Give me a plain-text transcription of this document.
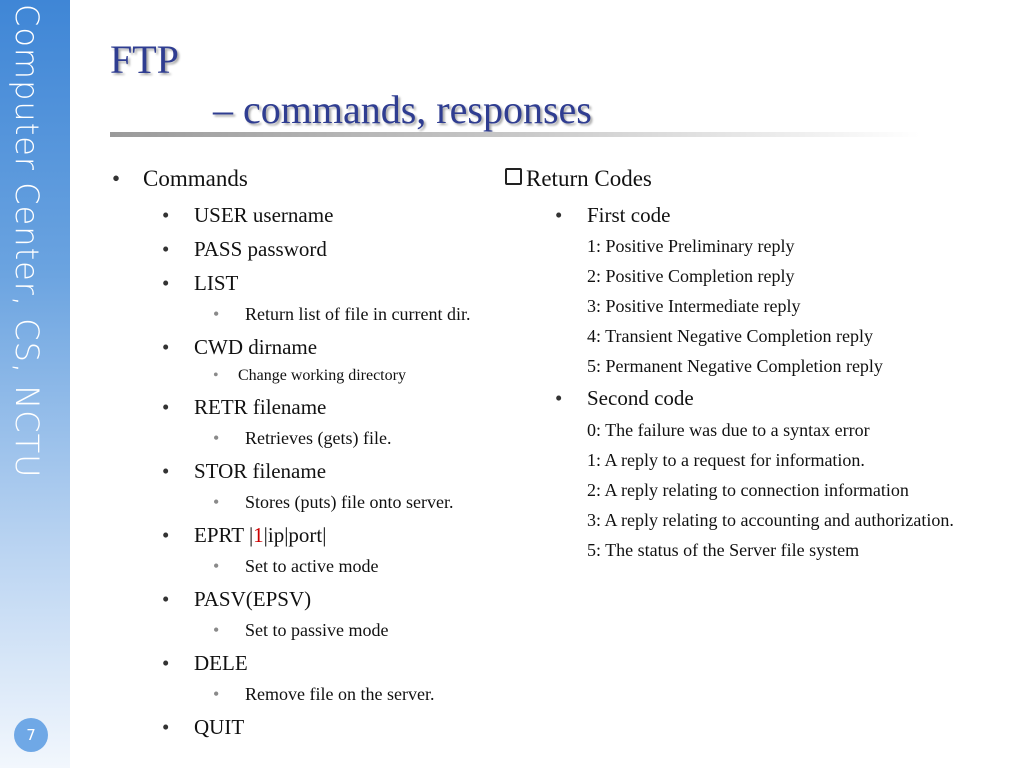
Computer Center, CS, NCTU
7
FTP
– commands, responses
• Commands
• USER username
• PASS password
• LIST
• Return list of file in current dir.
• CWD dirname
• Change working directory
• RETR filename
• Retrieves (gets) file.
• STOR filename
• Stores (puts) file onto server.
• EPRT |1|ip|port|
• Set to active mode
• PASV(EPSV)
• Set to passive mode
• DELE
• Remove file on the server.
• QUIT
Return Codes
• First code
1: Positive Preliminary reply
2: Positive Completion reply
3: Positive Intermediate reply
4: Transient Negative Completion reply
5: Permanent Negative Completion reply
• Second code
0: The failure was due to a syntax error
1: A reply to a request for information.
2: A reply relating to connection information
3: A reply relating to accounting and authorization.
5: The status of the Server file system
